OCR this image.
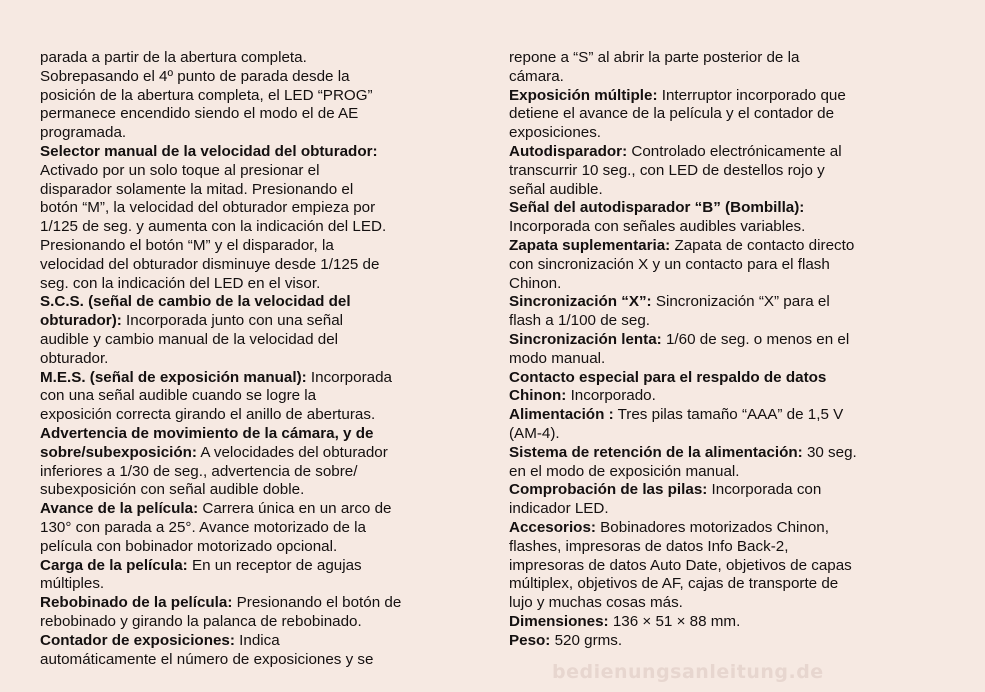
parada a partir de la abertura completa.
Sobrepasando el 4º punto de parada desde la
posición de la abertura completa, el LED “PROG”
permanece encendido siendo el modo el de AE
programada.
Selector manual de la velocidad del obturador:
Activado por un solo toque al presionar el
disparador solamente la mitad. Presionando el
botón “M”, la velocidad del obturador empieza por
1/125 de seg. y aumenta con la indicación del LED.
Presionando el botón “M” y el disparador, la
velocidad del obturador disminuye desde 1/125 de
seg. con la indicación del LED en el visor.
S.C.S. (señal de cambio de la velocidad del
obturador): Incorporada junto con una señal
audible y cambio manual de la velocidad del
obturador.
M.E.S. (señal de exposición manual): Incorporada
con una señal audible cuando se logre la
exposición correcta girando el anillo de aberturas.
Advertencia de movimiento de la cámara, y de
sobre/subexposición: A velocidades del obturador
inferiores a 1/30 de seg., advertencia de sobre/
subexposición con señal audible doble.
Avance de la película: Carrera única en un arco de
130° con parada a 25°. Avance motorizado de la
película con bobinador motorizado opcional.
Carga de la película: En un receptor de agujas
múltiples.
Rebobinado de la película: Presionando el botón de
rebobinado y girando la palanca de rebobinado.
Contador de exposiciones: Indica
automáticamente el número de exposiciones y se
repone a “S” al abrir la parte posterior de la
cámara.
Exposición múltiple: Interruptor incorporado que
detiene el avance de la película y el contador de
exposiciones.
Autodisparador: Controlado electrónicamente al
transcurrir 10 seg., con LED de destellos rojo y
señal audible.
Señal del autodisparador “B” (Bombilla):
Incorporada con señales audibles variables.
Zapata suplementaria: Zapata de contacto directo
con sincronización X y un contacto para el flash
Chinon.
Sincronización “X”: Sincronización “X” para el
flash a 1/100 de seg.
Sincronización lenta: 1/60 de seg. o menos en el
modo manual.
Contacto especial para el respaldo de datos
Chinon: Incorporado.
Alimentación : Tres pilas tamaño “AAA” de 1,5 V
(AM-4).
Sistema de retención de la alimentación: 30 seg.
en el modo de exposición manual.
Comprobación de las pilas: Incorporada con
indicador LED.
Accesorios: Bobinadores motorizados Chinon,
flashes, impresoras de datos Info Back-2,
impresoras de datos Auto Date, objetivos de capas
múltiplex, objetivos de AF, cajas de transporte de
lujo y muchas cosas más.
Dimensiones: 136 × 51 × 88 mm.
Peso: 520 grms.
bedienungsanleitung.de
